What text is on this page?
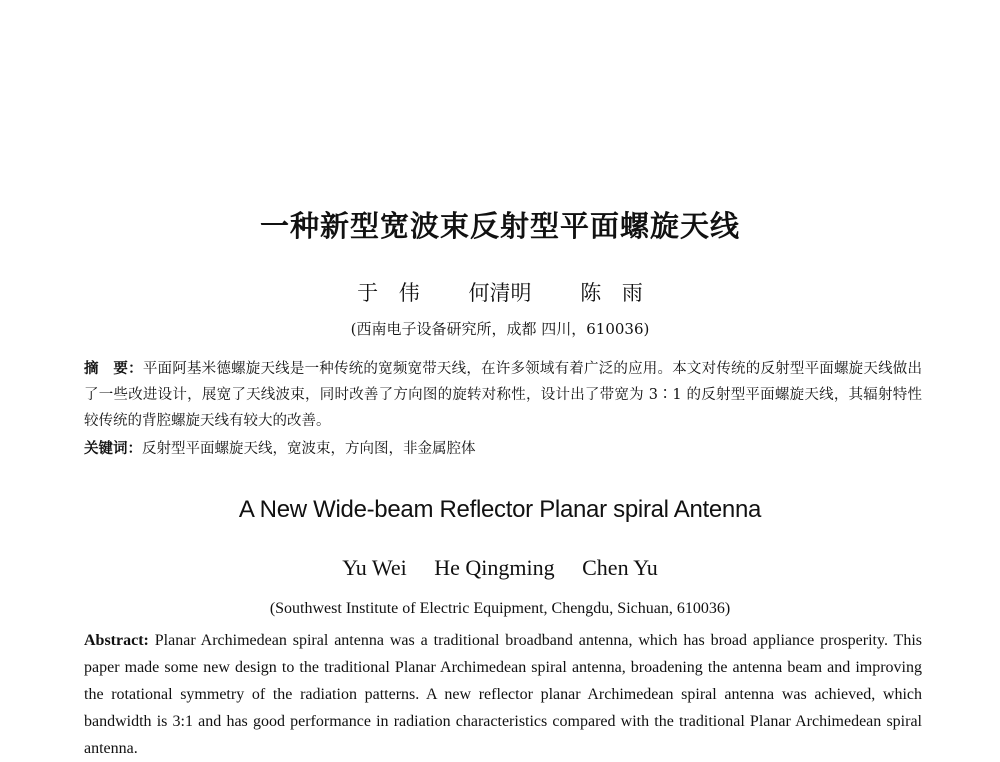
一种新型宽波束反射型平面螺旋天线
于 伟 何清明 陈 雨
(西南电子设备研究所，成都 四川，610036)
摘　要：平面阿基米德螺旋天线是一种传统的宽频宽带天线，在许多领域有着广泛的应用。本文对传统的反射型平面螺旋天线做出了一些改进设计，展宽了天线波束，同时改善了方向图的旋转对称性，设计出了带宽为 3∶1 的反射型平面螺旋天线，其辐射特性较传统的背腔螺旋天线有较大的改善。
关键词：反射型平面螺旋天线，宽波束，方向图，非金属腔体
A New Wide-beam Reflector Planar spiral Antenna
Yu Wei He Qingming Chen Yu
(Southwest Institute of Electric Equipment, Chengdu, Sichuan, 610036)
Abstract: Planar Archimedean spiral antenna was a traditional broadband antenna, which has broad appliance prosperity. This paper made some new design to the traditional Planar Archimedean spiral antenna, broadening the antenna beam and improving the rotational symmetry of the radiation patterns. A new reflector planar Archimedean spiral antenna was achieved, which bandwidth is 3:1 and has good performance in radiation characteristics compared with the traditional Planar Archimedean spiral antenna.
